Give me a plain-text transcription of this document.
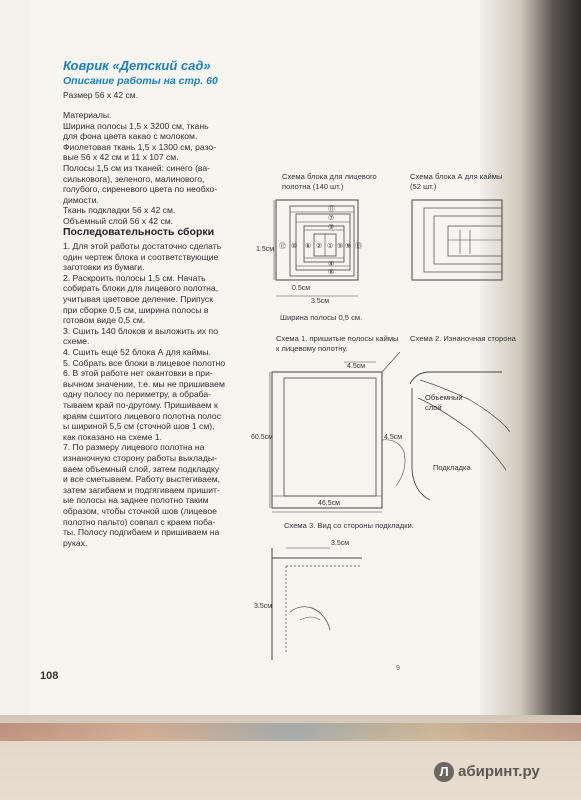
Коврик «Детский сад»
Описание работы на стр. 60
Размер 56 х 42 см.

Материалы.

Ширина полосы 1,5 х 3200 см, ткань

для фона цвета какао с молоком.

Фиолетовая ткань 1,5 х 1300 см, разо-

вые 56 х 42 см и 11 х 107 см.

Полосы 1,5 см из тканей: синего (ва-

сильковога), зеленого, малинового,

голубого, сиреневого цвета по необхо-

димости.

Ткань подкладки 56 х 42 см.

Объемный слой 56 х 42 см.

Последовательность сборки

1. Для этой работы достаточно сделать

один чертеж блока и соответствующие

заготовки из бумаги.

2. Раскроить полосы 1,5 см. Начать

собирать блоки для лицевого полотна,

учитывая цветовое деление. Припуск

при сборке 0,5 см, ширина полосы в

готовом виде 0,5 см.

3. Сшить 140 блоков и выложить их по

схеме.

4. Сшить еще 52 блока А для каймы.

5. Собрать все блоки в лицевое полотно

6. В этой работе нет окантовки в при-

вычном значении, т.е. мы не пришиваем

одну полосу по периметру, а обраба-

тываем край по-другому. Пришиваем к

краям сшитого лицевого полотна полос

ы шириной 5,5 см (сточной шов 1 см),

как показано на схеме 1.

7. По размеру лицевого полотна на

изнаночную сторону работы выклады-

ваем объемный слой, затем подкладку

и все сметываем. Работу выстегиваем,

затем загибаем и подгягиваем пришит-

ые полосы на заднее полотно таким

образом, чтобы сточной шов (лицевое

полотно пальто) совпал с краем поба-

ты. Полосу подгибаем и пришиваем на

руках.

⑪
⑦
③
④
⑧
⑫ ⑩ ⑥ ② ① ⑤ ⑨ ⑬
1.5см
0.5см
3.5см
4.5см
60.5см	4.5см
46.5см
Объемный
слой
Подкладка
3.5см
3.5см

Схема блока для лицевого

полотна (140 шт.)

Схема блока А для каймы

(52 шт.)

Ширина полосы 0,5 см.

Схема 1. пришитые полосы каймы

к лицевому полотну.

Схема 2. Изнаночная сторона

Схема 3. Вид со стороны подкладки.

108
9
Л абиринт.ру
